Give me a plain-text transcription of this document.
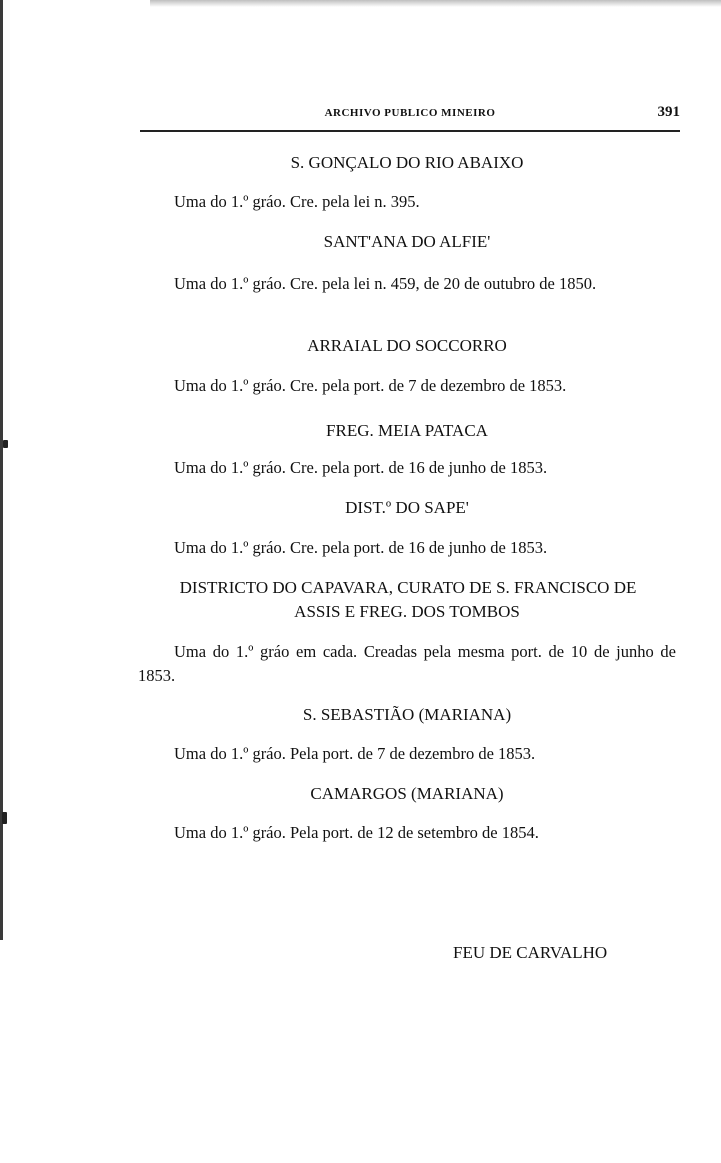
ARCHIVO PUBLICO MINEIRO	391
S. GONÇALO DO RIO ABAIXO
Uma do 1.º gráo. Cre. pela lei n. 395.
SANT'ANA DO ALFIE'
Uma do 1.º gráo. Cre. pela lei n. 459, de 20 de outubro de 1850.
ARRAIAL DO SOCCORRO
Uma do 1.º gráo. Cre. pela port. de 7 de dezembro de 1853.
FREG. MEIA PATACA
Uma do 1.º gráo. Cre. pela port. de 16 de junho de 1853.
DIST.º DO SAPE'
Uma do 1.º gráo. Cre. pela port. de 16 de junho de 1853.
DISTRICTO DO CAPAVARA, CURATO DE S. FRANCISCO DE
ASSIS E FREG. DOS TOMBOS
Uma do 1.º gráo em cada. Creadas pela mesma port. de 10 de junho de 1853.
S. SEBASTIÃO (MARIANA)
Uma do 1.º gráo. Pela port. de 7 de dezembro de 1853.
CAMARGOS (MARIANA)
Uma do 1.º gráo. Pela port. de 12 de setembro de 1854.
FEU DE CARVALHO
